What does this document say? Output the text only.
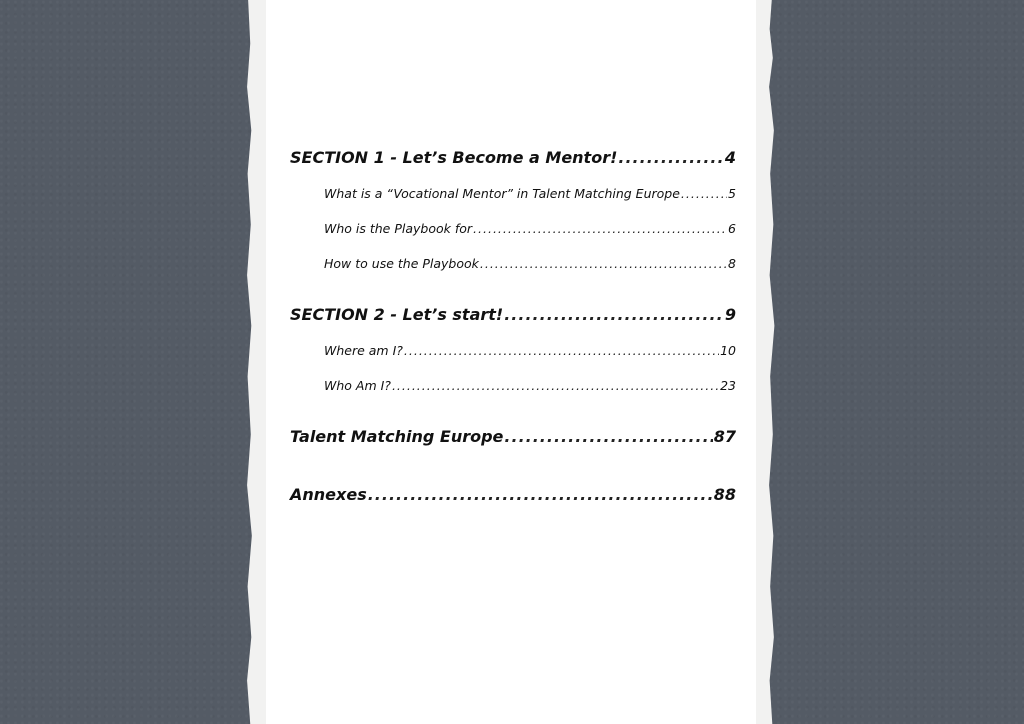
SECTION 1 - Let’s Become a Mentor! .....	4
What is a “Vocational Mentor” in Talent Matching Europe .....	5
Who is the Playbook for .....	6
How to use the Playbook .....	8
SECTION 2 - Let’s start! .....	9
Where am I? .....	10
Who Am I? .....	23
Talent Matching Europe .....	87
Annexes .....	88
